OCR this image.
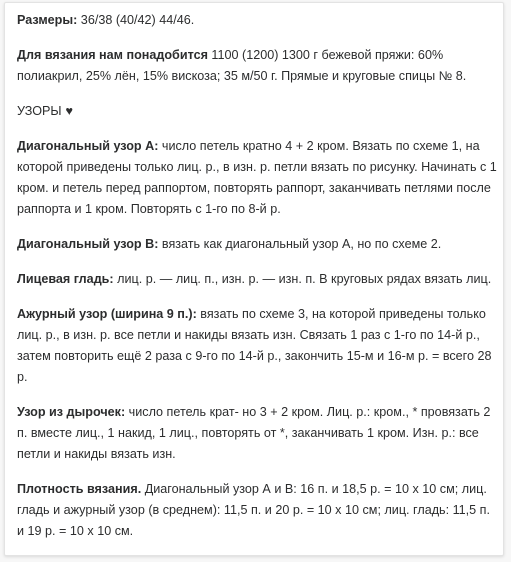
Размеры: 36/38 (40/42) 44/46.

Для вязания нам понадобится 1100 (1200) 1300 г бежевой пряжи: 60% полиакрил, 25% лён, 15% вискоза; 35 м/50 г. Прямые и круговые спицы № 8.

УЗОРЫ ♥

Диагональный узор А: число петель кратно 4 + 2 кром. Вязать по схеме 1, на которой приведены только лиц. р., в изн. р. петли вязать по рисунку. Начинать с 1 кром. и петель перед раппортом, повторять раппорт, заканчивать петлями после раппорта и 1 кром. Повторять с 1-го по 8-й р.

Диагональный узор В: вязать как диагональный узор А, но по схеме 2.

Лицевая гладь: лиц. р. — лиц. п., изн. р. — изн. п. В круговых рядах вязать лиц.

Ажурный узор (ширина 9 п.): вязать по схеме 3, на которой приведены только лиц. р., в изн. р. все петли и накиды вязать изн. Связать 1 раз с 1-го по 14-й р., затем повторить ещё 2 раза с 9-го по 14-й р., закончить 15-м и 16-м р. = всего 28 р.

Узор из дырочек: число петель крат- но 3 + 2 кром. Лиц. р.: кром., * провязать 2 п. вместе лиц., 1 накид, 1 лиц., повторять от *, заканчивать 1 кром. Изн. р.: все петли и накиды вязать изн.

Плотность вязания. Диагональный узор А и В: 16 п. и 18,5 р. = 10 x 10 см; лиц. гладь и ажурный узор (в среднем): 11,5 п. и 20 р. = 10 x 10 см; лиц. гладь: 11,5 п. и 19 р. = 10 x 10 см.
